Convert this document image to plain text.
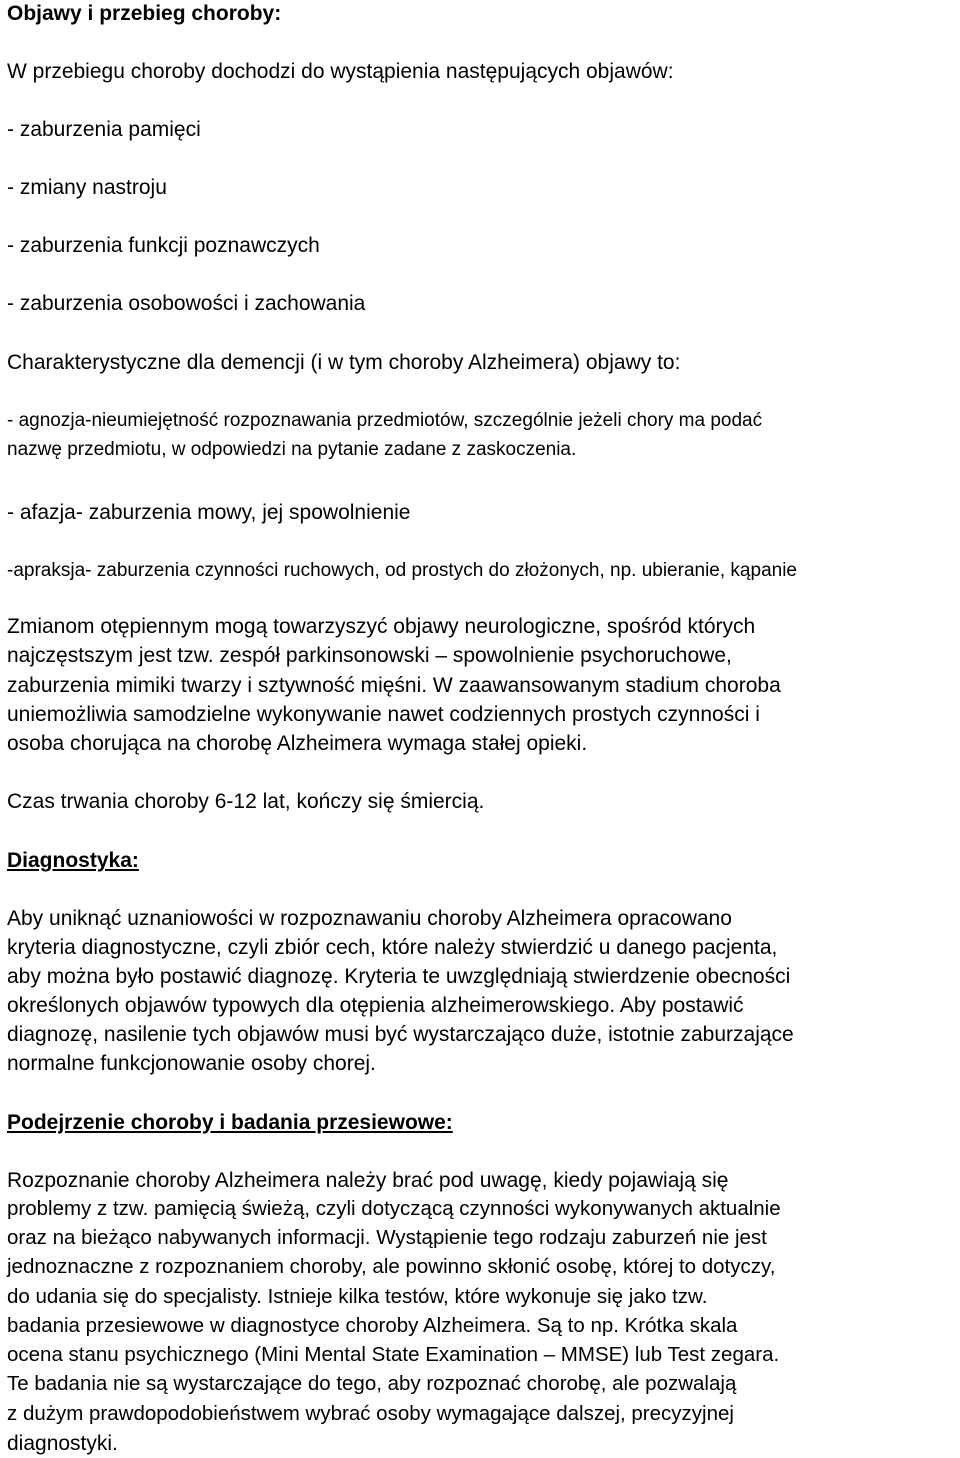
Objawy i przebieg choroby:

W przebiegu choroby dochodzi do wystąpienia następujących objawów:

- zaburzenia pamięci

- zmiany nastroju

- zaburzenia funkcji poznawczych

- zaburzenia osobowości i zachowania

Charakterystyczne dla demencji (i w tym choroby Alzheimera) objawy to:

- agnozja-nieumiejętność rozpoznawania przedmiotów, szczególnie jeżeli chory ma podać

nazwę przedmiotu, w odpowiedzi na pytanie zadane z zaskoczenia.

- afazja- zaburzenia mowy, jej spowolnienie

-apraksja- zaburzenia czynności ruchowych, od prostych do złożonych, np. ubieranie, kąpanie

Zmianom otępiennym mogą towarzyszyć objawy neurologiczne, spośród których

najczęstszym jest tzw. zespół parkinsonowski – spowolnienie psychoruchowe,

zaburzenia mimiki twarzy i sztywność mięśni. W zaawansowanym stadium choroba

uniemożliwia samodzielne wykonywanie nawet codziennych prostych czynności i

osoba chorująca na chorobę Alzheimera wymaga stałej opieki.

Czas trwania choroby 6-12 lat, kończy się śmiercią.

Diagnostyka:

Aby uniknąć uznaniowości w rozpoznawaniu choroby Alzheimera opracowano

kryteria diagnostyczne, czyli zbiór cech, które należy stwierdzić u danego pacjenta,

aby można było postawić diagnozę. Kryteria te uwzględniają stwierdzenie obecności

określonych objawów typowych dla otępienia alzheimerowskiego. Aby postawić

diagnozę, nasilenie tych objawów musi być wystarczająco duże, istotnie zaburzające

normalne funkcjonowanie osoby chorej.

Podejrzenie choroby i badania przesiewowe:

Rozpoznanie choroby Alzheimera należy brać pod uwagę, kiedy pojawiają się

problemy z tzw. pamięcią świeżą, czyli dotyczącą czynności wykonywanych aktualnie

oraz na bieżąco nabywanych informacji. Wystąpienie tego rodzaju zaburzeń nie jest

jednoznaczne z rozpoznaniem choroby, ale powinno skłonić osobę, której to dotyczy,

do udania się do specjalisty. Istnieje kilka testów, które wykonuje się jako tzw.

badania przesiewowe w diagnostyce choroby Alzheimera. Są to np. Krótka skala

ocena stanu psychicznego (Mini Mental State Examination – MMSE) lub Test zegara.

Te badania nie są wystarczające do tego, aby rozpoznać chorobę, ale pozwalają

z dużym prawdopodobieństwem wybrać osoby wymagające dalszej, precyzyjnej

diagnostyki.
